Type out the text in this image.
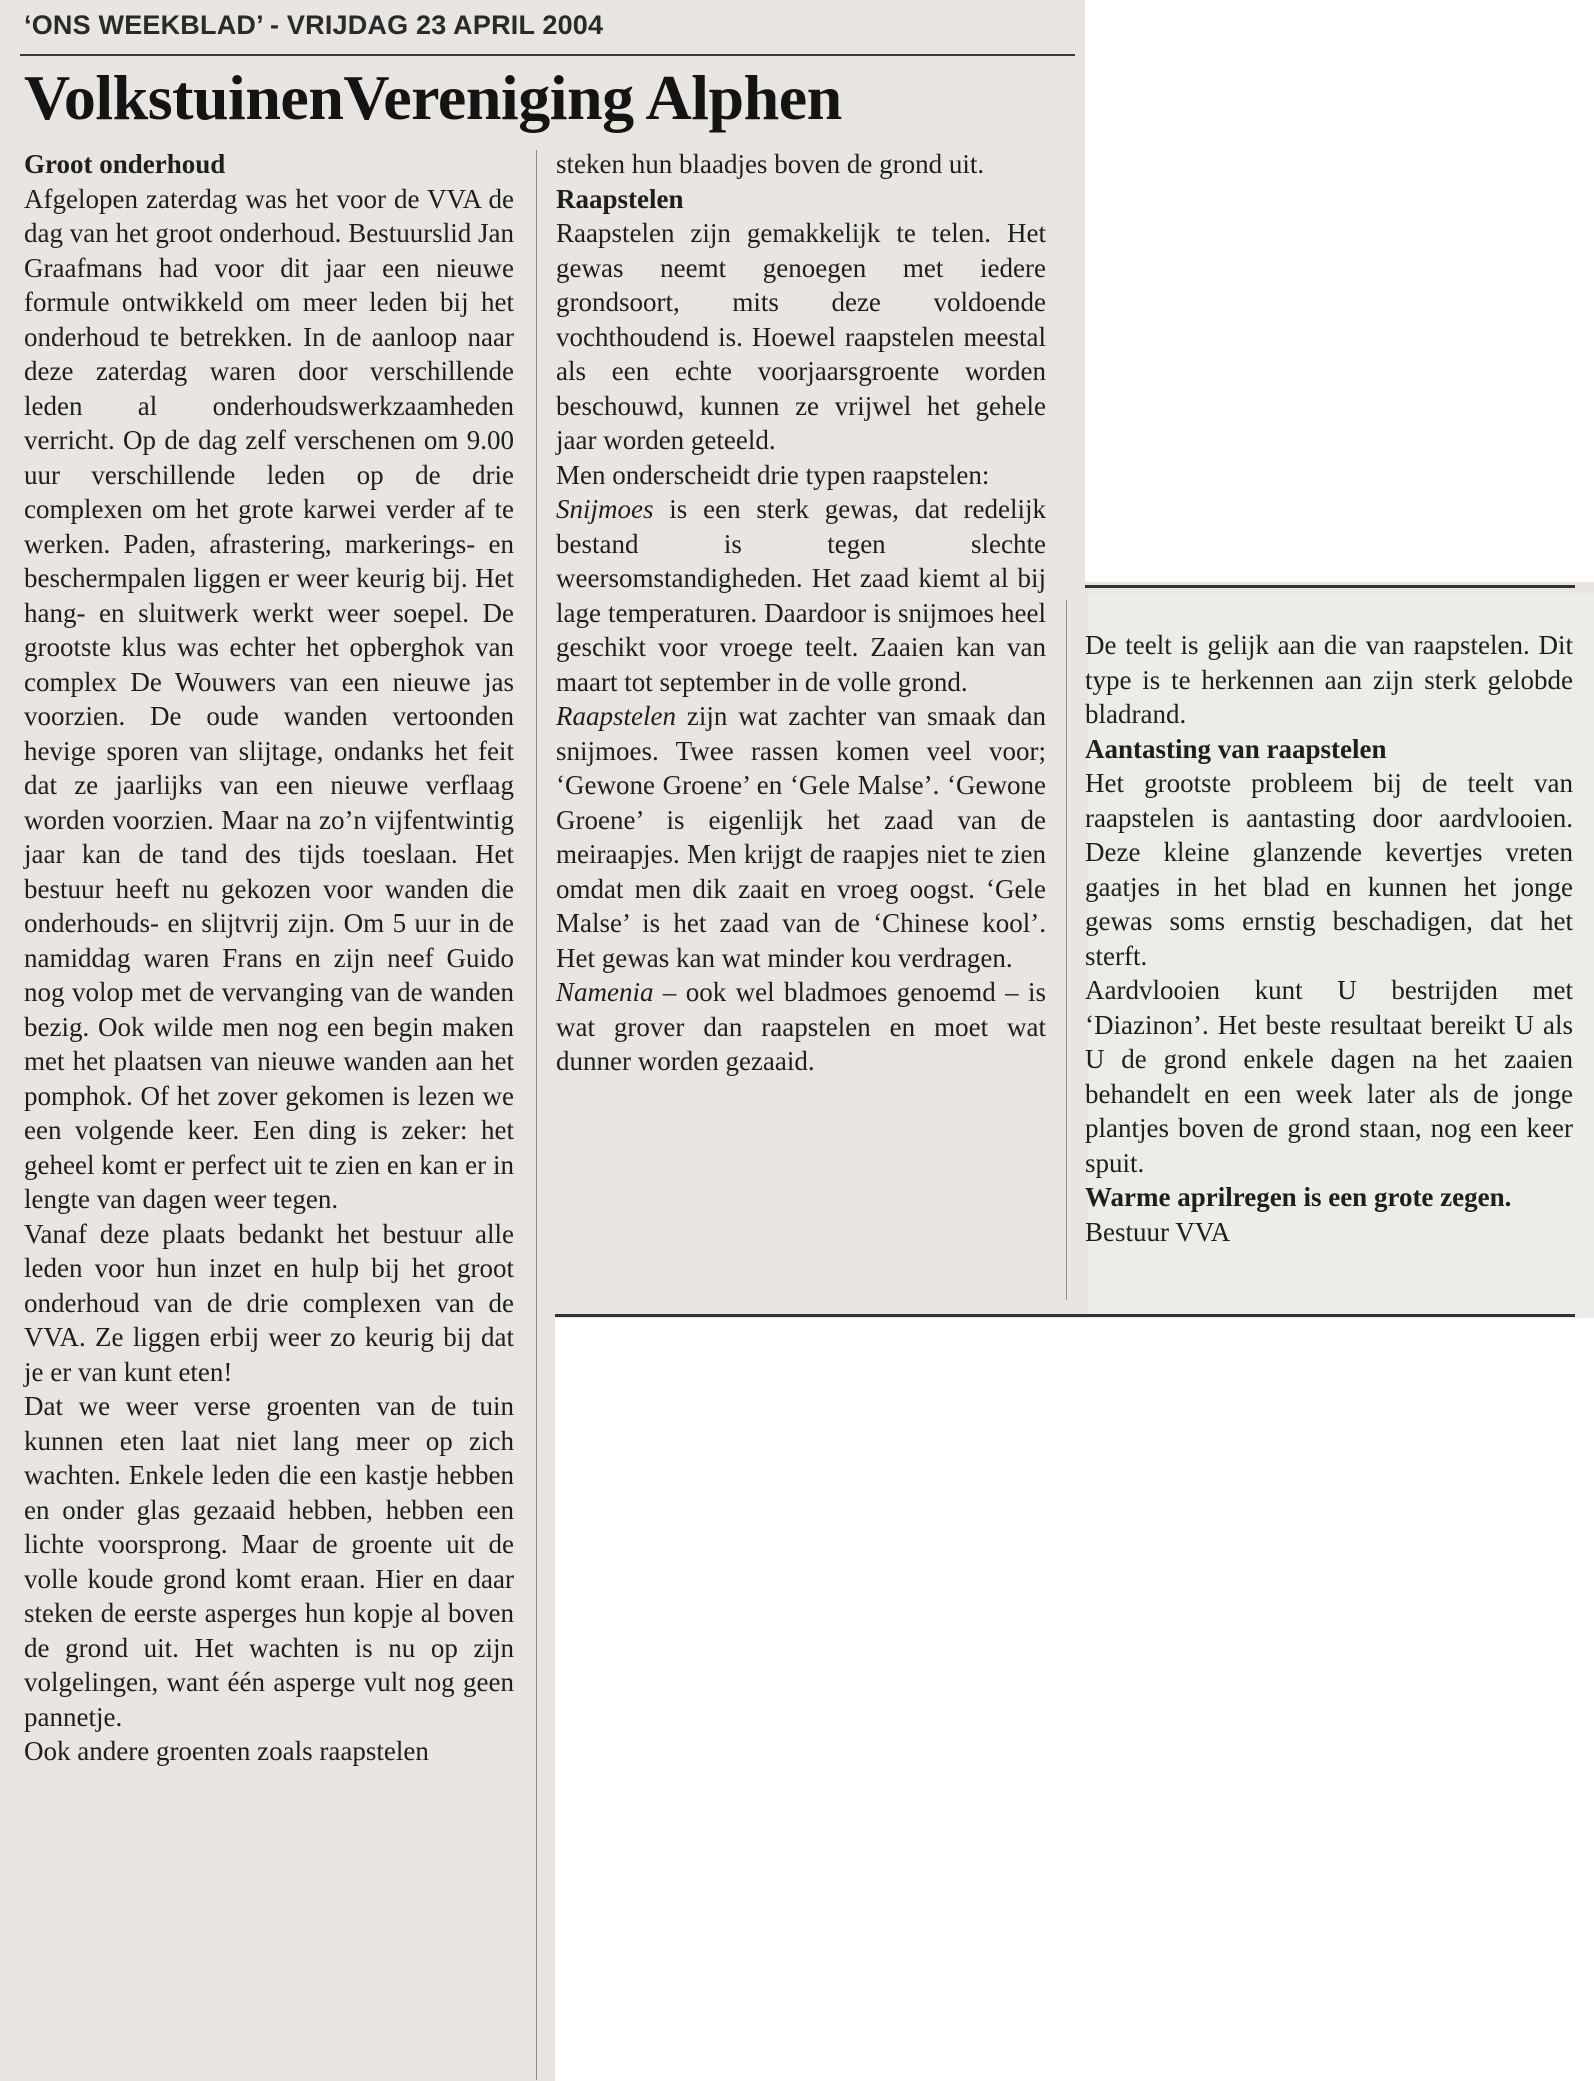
‘ONS WEEKBLAD’ - VRIJDAG 23 APRIL 2004
VolkstuinenVereniging Alphen

Groot onderhoud

Afgelopen zaterdag was het voor de VVA de dag van het groot onderhoud. Bestuurslid Jan Graafmans had voor dit jaar een nieuwe formule ontwikkeld om meer leden bij het onderhoud te betrekken. In de aanloop naar deze zaterdag waren door verschillende leden al onderhoudswerkzaamheden verricht. Op de dag zelf verschenen om 9.00 uur verschillende leden op de drie complexen om het grote karwei verder af te werken. Paden, afrastering, markerings- en beschermpalen liggen er weer keurig bij. Het hang- en sluitwerk werkt weer soepel. De grootste klus was echter het opberghok van complex De Wouwers van een nieuwe jas voorzien. De oude wanden vertoonden hevige sporen van slijtage, ondanks het feit dat ze jaarlijks van een nieuwe verflaag worden voorzien. Maar na zo’n vijfentwintig jaar kan de tand des tijds toeslaan. Het bestuur heeft nu gekozen voor wanden die onderhouds- en slijtvrij zijn. Om 5 uur in de namiddag waren Frans en zijn neef Guido nog volop met de vervanging van de wanden bezig. Ook wilde men nog een begin maken met het plaatsen van nieuwe wanden aan het pomphok. Of het zover gekomen is lezen we een volgende keer. Een ding is zeker: het geheel komt er perfect uit te zien en kan er in lengte van dagen weer tegen.

Vanaf deze plaats bedankt het bestuur alle leden voor hun inzet en hulp bij het groot onderhoud van de drie complexen van de VVA. Ze liggen erbij weer zo keurig bij dat je er van kunt eten!

Dat we weer verse groenten van de tuin kunnen eten laat niet lang meer op zich wachten. Enkele leden die een kastje hebben en onder glas gezaaid hebben, hebben een lichte voorsprong. Maar de groente uit de volle koude grond komt eraan. Hier en daar steken de eerste asperges hun kopje al boven de grond uit. Het wachten is nu op zijn volgelingen, want één asperge vult nog geen pannetje.

Ook andere groenten zoals raapstelen

steken hun blaadjes boven de grond uit.

Raapstelen

Raapstelen zijn gemakkelijk te telen. Het gewas neemt genoegen met iedere grondsoort, mits deze voldoende vochthoudend is. Hoewel raapstelen meestal als een echte voorjaarsgroente worden beschouwd, kunnen ze vrijwel het gehele jaar worden geteeld.

Men onderscheidt drie typen raapstelen:

Snijmoes is een sterk gewas, dat redelijk bestand is tegen slechte weersomstandigheden. Het zaad kiemt al bij lage temperaturen. Daardoor is snijmoes heel geschikt voor vroege teelt. Zaaien kan van maart tot september in de volle grond.

Raapstelen zijn wat zachter van smaak dan snijmoes. Twee rassen komen veel voor; ‘Gewone Groene’ en ‘Gele Malse’. ‘Gewone Groene’ is eigenlijk het zaad van de meiraapjes. Men krijgt de raapjes niet te zien omdat men dik zaait en vroeg oogst. ‘Gele Malse’ is het zaad van de ‘Chinese kool’. Het gewas kan wat minder kou verdragen.

Namenia – ook wel bladmoes genoemd – is wat grover dan raapstelen en moet wat dunner worden gezaaid.

De teelt is gelijk aan die van raapstelen. Dit type is te herkennen aan zijn sterk gelobde bladrand.

Aantasting van raapstelen

Het grootste probleem bij de teelt van raapstelen is aantasting door aardvlooien. Deze kleine glanzende kevertjes vreten gaatjes in het blad en kunnen het jonge gewas soms ernstig beschadigen, dat het sterft.

Aardvlooien kunt U bestrijden met ‘Diazinon’. Het beste resultaat bereikt U als U de grond enkele dagen na het zaaien behandelt en een week later als de jonge plantjes boven de grond staan, nog een keer spuit.

Warme aprilregen is een grote zegen.

Bestuur VVA
